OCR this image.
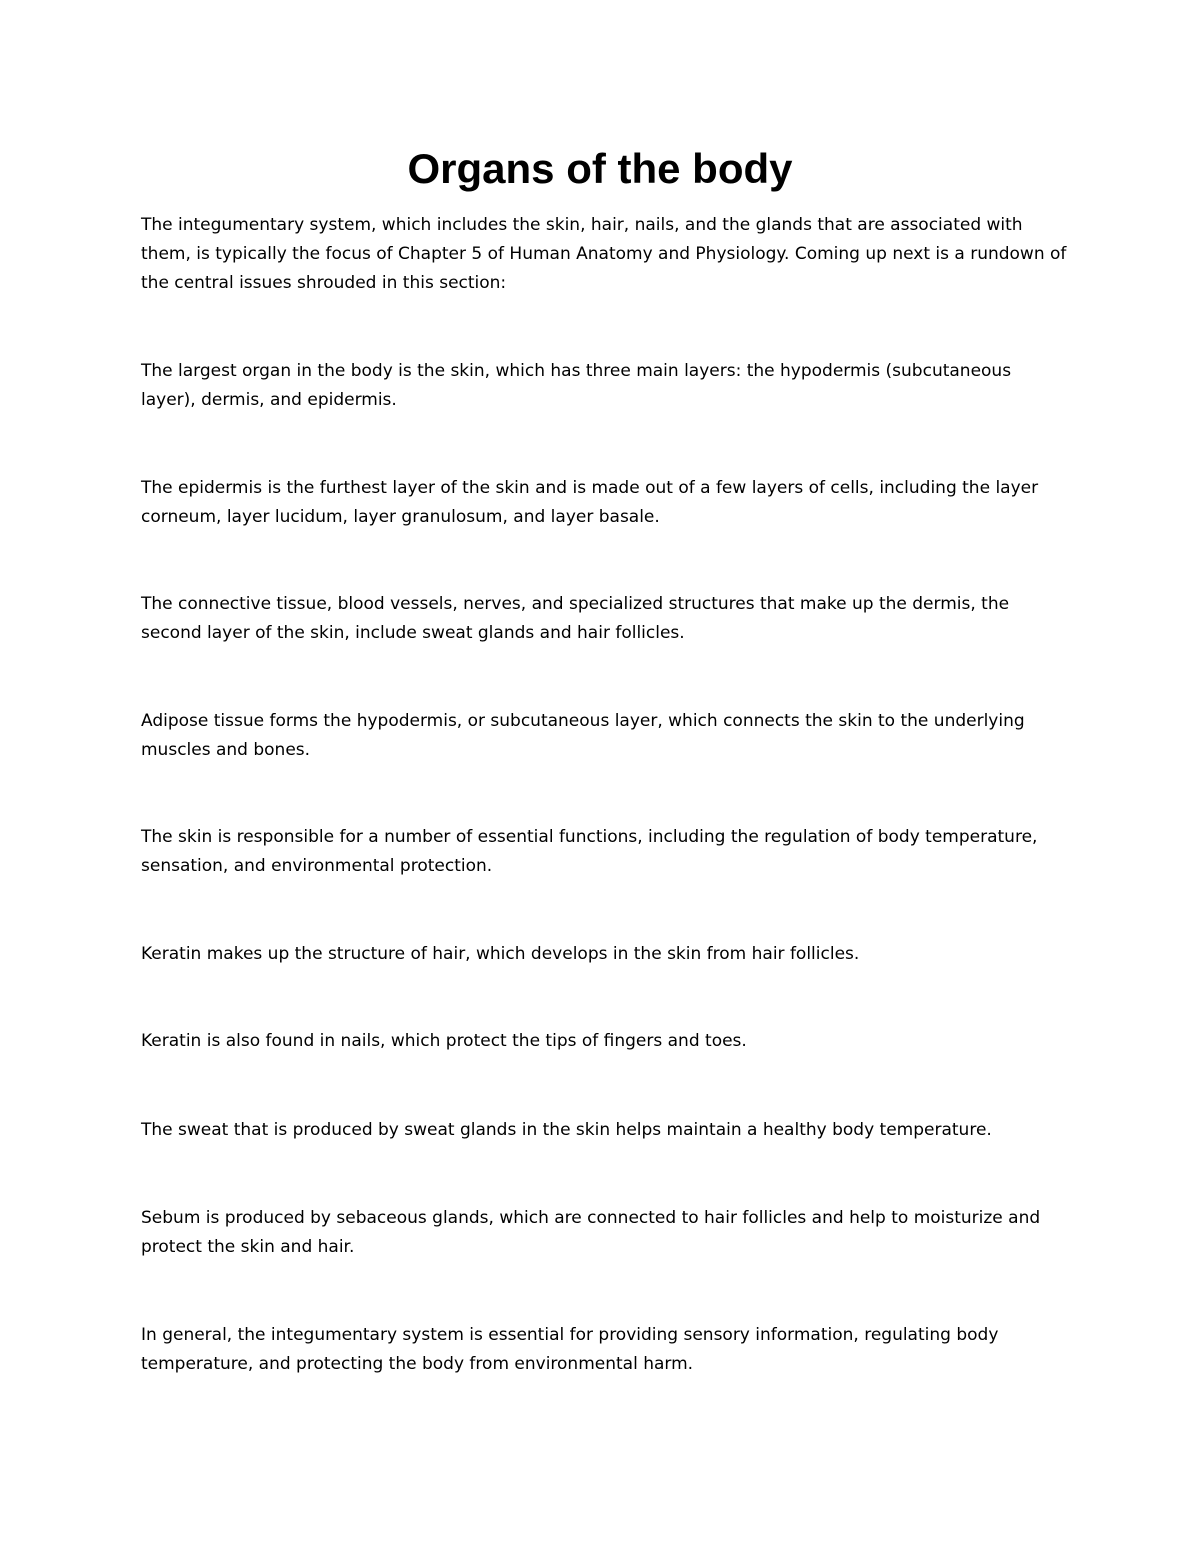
Organs of the body

The integumentary system, which includes the skin, hair, nails, and the glands that are associated with them, is typically the focus of Chapter 5 of Human Anatomy and Physiology. Coming up next is a rundown of the central issues shrouded in this section:

The largest organ in the body is the skin, which has three main layers: the hypodermis (subcutaneous layer), dermis, and epidermis.

The epidermis is the furthest layer of the skin and is made out of a few layers of cells, including the layer corneum, layer lucidum, layer granulosum, and layer basale.

The connective tissue, blood vessels, nerves, and specialized structures that make up the dermis, the second layer of the skin, include sweat glands and hair follicles.

Adipose tissue forms the hypodermis, or subcutaneous layer, which connects the skin to the underlying muscles and bones.

The skin is responsible for a number of essential functions, including the regulation of body temperature, sensation, and environmental protection.

Keratin makes up the structure of hair, which develops in the skin from hair follicles.

Keratin is also found in nails, which protect the tips of fingers and toes.

The sweat that is produced by sweat glands in the skin helps maintain a healthy body temperature.

Sebum is produced by sebaceous glands, which are connected to hair follicles and help to moisturize and protect the skin and hair.

In general, the integumentary system is essential for providing sensory information, regulating body temperature, and protecting the body from environmental harm.
